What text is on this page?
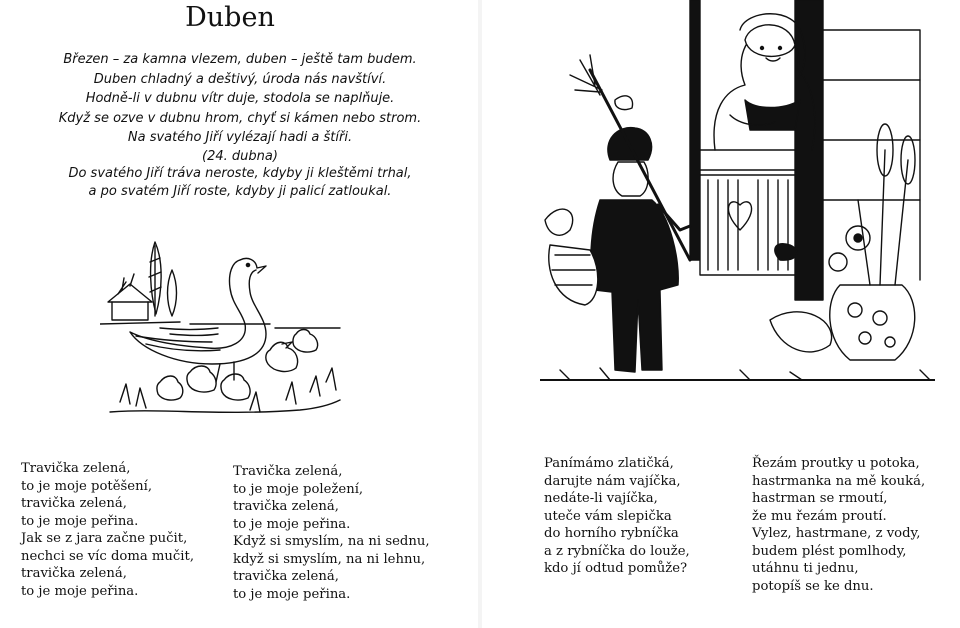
Duben
Březen – za kamna vlezem, duben – ještě tam budem.
Duben chladný a deštivý, úroda nás navštíví.
Hodně-li v dubnu vítr duje, stodola se naplňuje.
Když se ozve v dubnu hrom, chyť si kámen nebo strom.
Na svatého Jiří vylézají hadi a štíři.
(24. dubna)
Do svatého Jiří tráva neroste, kdyby ji kleštěmi trhal,
a po svatém Jiří roste, kdyby ji palicí zatloukal.
Travička zelená,
to je moje potěšení,
travička zelená,
to je moje peřina.
Jak se z jara začne pučit,
nechci se víc doma mučit,
travička zelená,
to je moje peřina.
Travička zelená,
to je moje poležení,
travička zelená,
to je moje peřina.
Když si smyslím, na ni sednu,
když si smyslím, na ni lehnu,
travička zelená,
to je moje peřina.
Panímámo zlatičká,
darujte nám vajíčka,
nedáte-li vajíčka,
uteče vám slepička
do horního rybníčka
a z rybníčka do louže,
kdo jí odtud pomůže?
Řezám proutky u potoka,
hastrmanka na mě kouká,
hastrman se rmoutí,
že mu řezám proutí.
Vylez, hastrmane, z vody,
budem plést pomlhody,
utáhnu ti jednu,
potopíš se ke dnu.
